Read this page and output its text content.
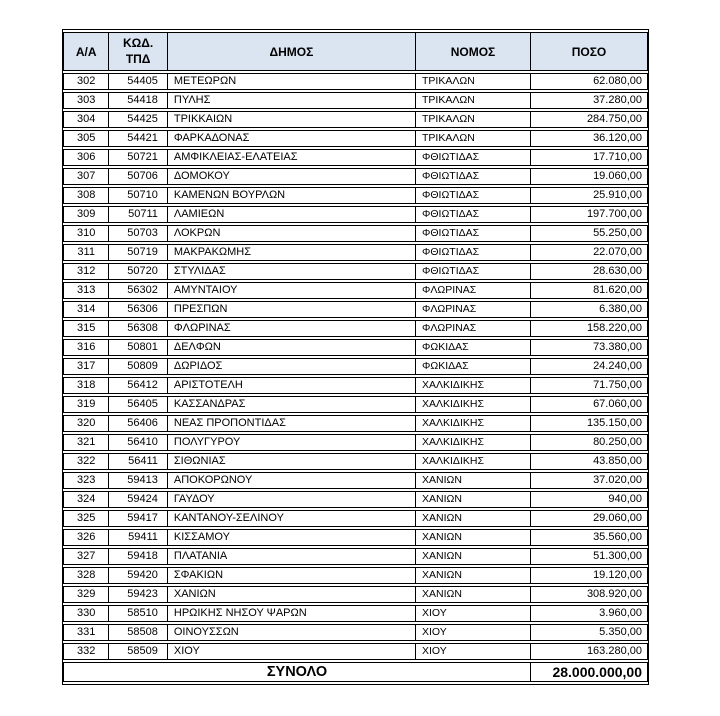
Α/Α	ΚΩΔ. ΤΠΔ	ΔΗΜΟΣ	ΝΟΜΟΣ	ΠΟΣΟ
302	54405	ΜΕΤΕΩΡΩΝ	ΤΡΙΚΑΛΩΝ	62.080,00
303	54418	ΠΥΛΗΣ	ΤΡΙΚΑΛΩΝ	37.280,00
304	54425	ΤΡΙΚΚΑΙΩΝ	ΤΡΙΚΑΛΩΝ	284.750,00
305	54421	ΦΑΡΚΑΔΟΝΑΣ	ΤΡΙΚΑΛΩΝ	36.120,00
306	50721	ΑΜΦΙΚΛΕΙΑΣ-ΕΛΑΤΕΙΑΣ	ΦΘΙΩΤΙΔΑΣ	17.710,00
307	50706	ΔΟΜΟΚΟΥ	ΦΘΙΩΤΙΔΑΣ	19.060,00
308	50710	ΚΑΜΕΝΩΝ ΒΟΥΡΛΩΝ	ΦΘΙΩΤΙΔΑΣ	25.910,00
309	50711	ΛΑΜΙΕΩΝ	ΦΘΙΩΤΙΔΑΣ	197.700,00
310	50703	ΛΟΚΡΩΝ	ΦΘΙΩΤΙΔΑΣ	55.250,00
311	50719	ΜΑΚΡΑΚΩΜΗΣ	ΦΘΙΩΤΙΔΑΣ	22.070,00
312	50720	ΣΤΥΛΙΔΑΣ	ΦΘΙΩΤΙΔΑΣ	28.630,00
313	56302	ΑΜΥΝΤΑΙΟΥ	ΦΛΩΡΙΝΑΣ	81.620,00
314	56306	ΠΡΕΣΠΩΝ	ΦΛΩΡΙΝΑΣ	6.380,00
315	56308	ΦΛΩΡΙΝΑΣ	ΦΛΩΡΙΝΑΣ	158.220,00
316	50801	ΔΕΛΦΩΝ	ΦΩΚΙΔΑΣ	73.380,00
317	50809	ΔΩΡΙΔΟΣ	ΦΩΚΙΔΑΣ	24.240,00
318	56412	ΑΡΙΣΤΟΤΕΛΗ	ΧΑΛΚΙΔΙΚΗΣ	71.750,00
319	56405	ΚΑΣΣΑΝΔΡΑΣ	ΧΑΛΚΙΔΙΚΗΣ	67.060,00
320	56406	ΝΕΑΣ ΠΡΟΠΟΝΤΙΔΑΣ	ΧΑΛΚΙΔΙΚΗΣ	135.150,00
321	56410	ΠΟΛΥΓΥΡΟΥ	ΧΑΛΚΙΔΙΚΗΣ	80.250,00
322	56411	ΣΙΘΩΝΙΑΣ	ΧΑΛΚΙΔΙΚΗΣ	43.850,00
323	59413	ΑΠΟΚΟΡΩΝΟΥ	ΧΑΝΙΩΝ	37.020,00
324	59424	ΓΑΥΔΟΥ	ΧΑΝΙΩΝ	940,00
325	59417	ΚΑΝΤΑΝΟΥ-ΣΕΛΙΝΟΥ	ΧΑΝΙΩΝ	29.060,00
326	59411	ΚΙΣΣΑΜΟΥ	ΧΑΝΙΩΝ	35.560,00
327	59418	ΠΛΑΤΑΝΙΑ	ΧΑΝΙΩΝ	51.300,00
328	59420	ΣΦΑΚΙΩΝ	ΧΑΝΙΩΝ	19.120,00
329	59423	ΧΑΝΙΩΝ	ΧΑΝΙΩΝ	308.920,00
330	58510	ΗΡΩΙΚΗΣ ΝΗΣΟΥ ΨΑΡΩΝ	ΧΙΟΥ	3.960,00
331	58508	ΟΙΝΟΥΣΣΩΝ	ΧΙΟΥ	5.350,00
332	58509	ΧΙΟΥ	ΧΙΟΥ	163.280,00
ΣΥΝΟΛΟ				28.000.000,00
